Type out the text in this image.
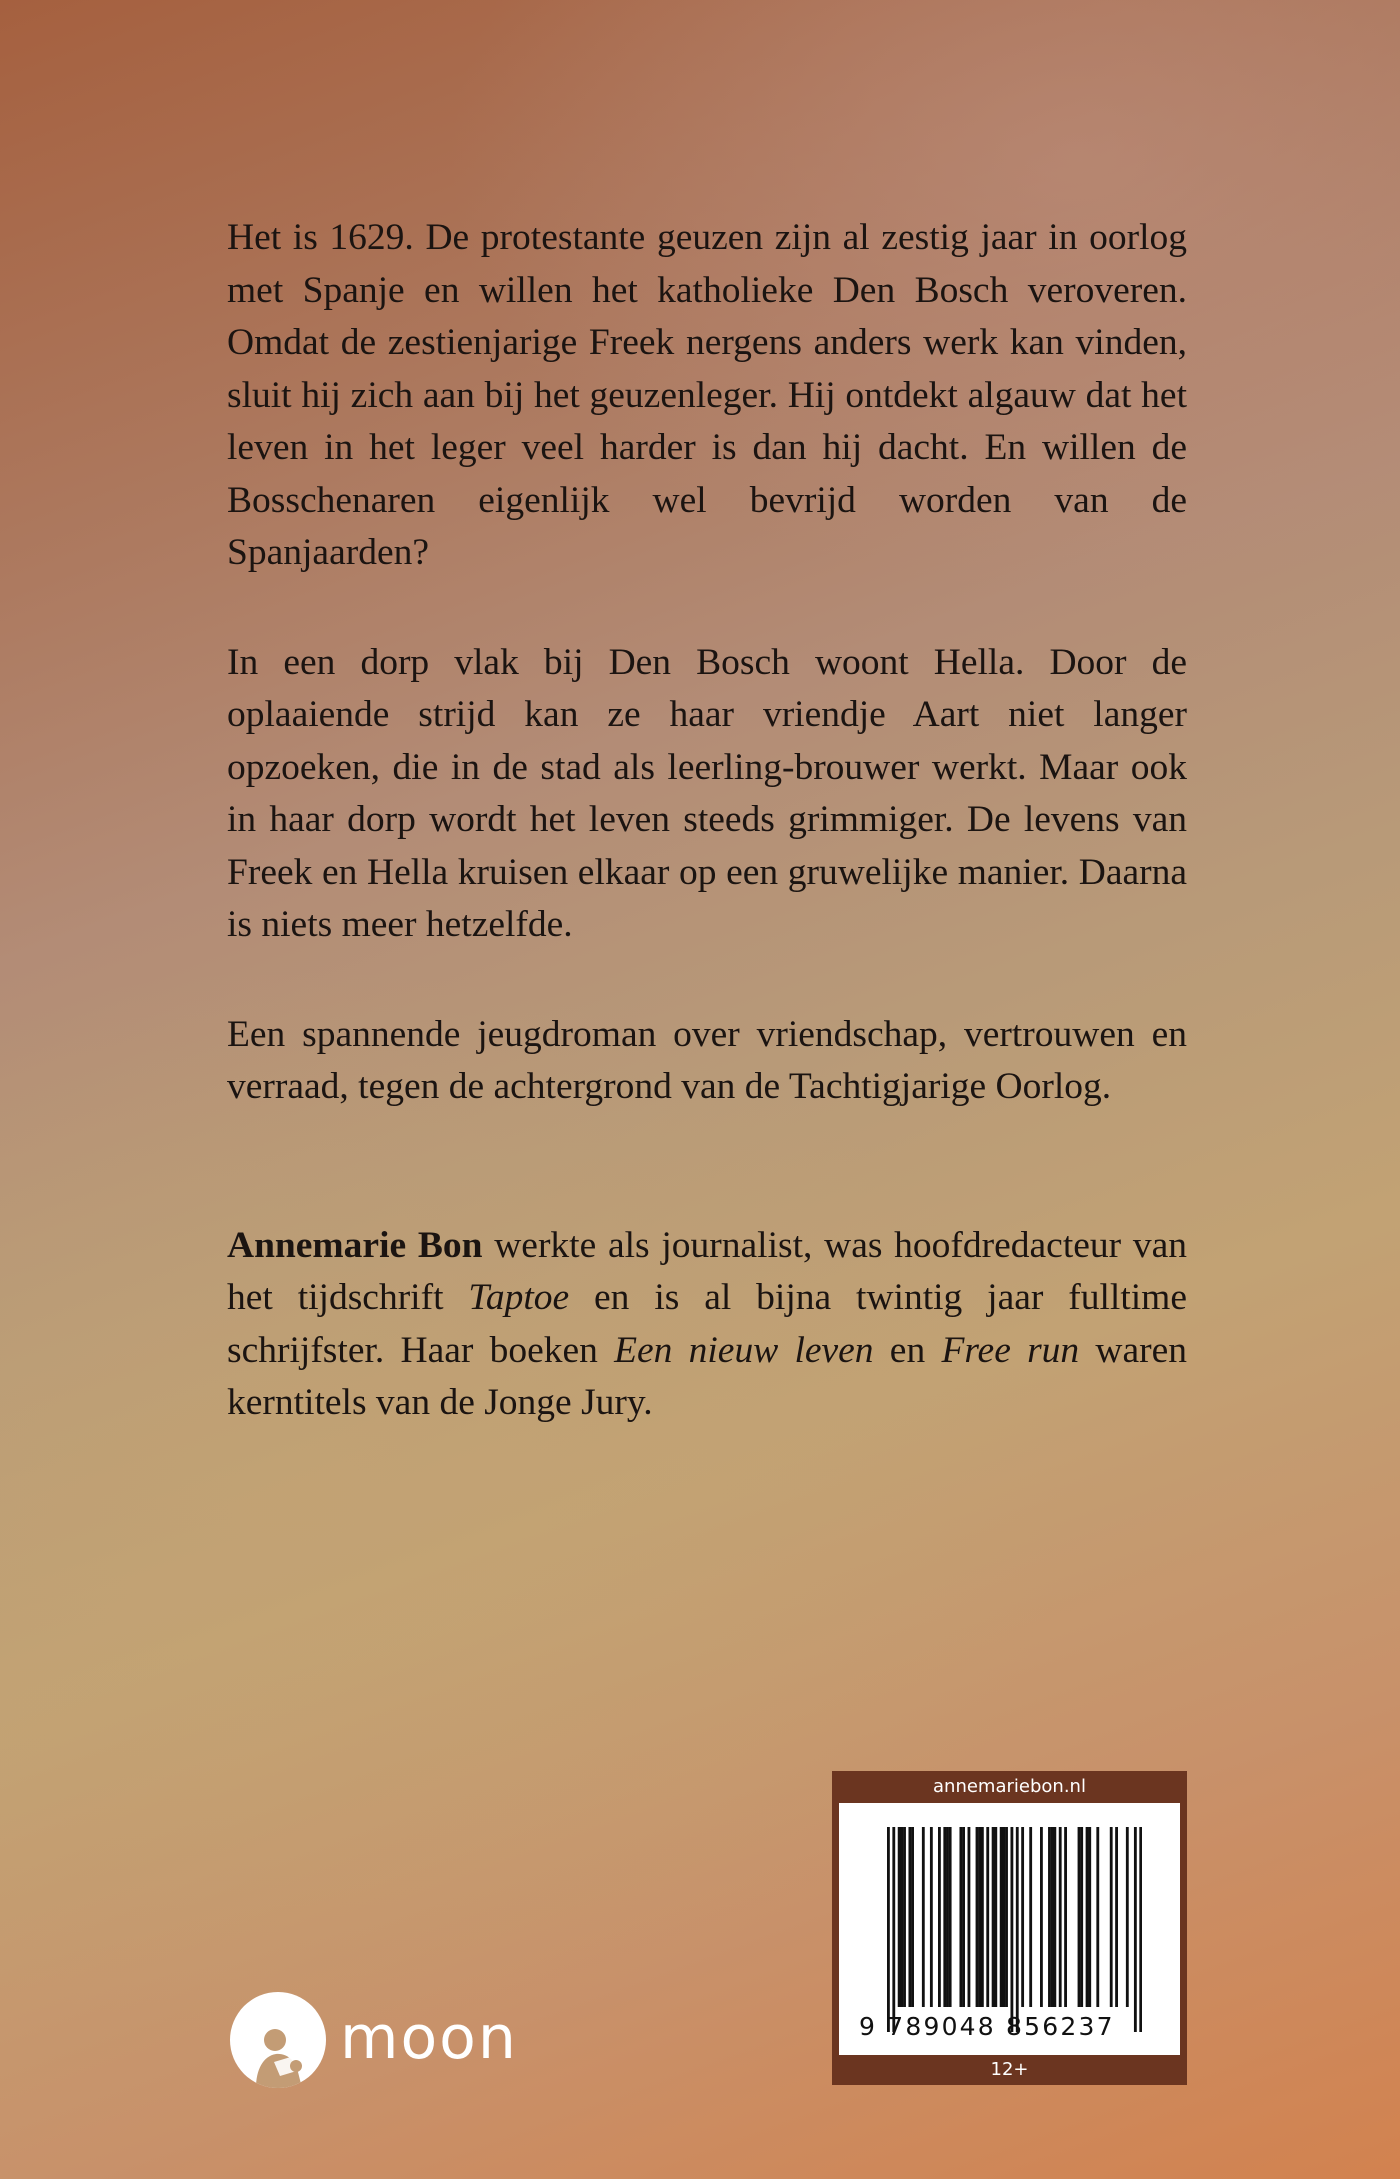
Het is 1629. De protestante geuzen zijn al zestig jaar in oorlog met Spanje en willen het katholieke Den Bosch veroveren. Omdat de zestienjarige Freek nergens anders werk kan vinden, sluit hij zich aan bij het geuzenleger. Hij ontdekt algauw dat het leven in het leger veel harder is dan hij dacht. En willen de Bosschenaren eigenlijk wel bevrijd worden van de Spanjaarden?

In een dorp vlak bij Den Bosch woont Hella. Door de oplaaiende strijd kan ze haar vriendje Aart niet langer opzoeken, die in de stad als leerling-brouwer werkt. Maar ook in haar dorp wordt het leven steeds grimmiger. De levens van Freek en Hella kruisen elkaar op een gruwelijke manier. Daarna is niets meer hetzelfde.

Een spannende jeugdroman over vriendschap, vertrouwen en verraad, tegen de achtergrond van de Tachtigjarige Oorlog.

Annemarie Bon werkte als journalist, was hoofdredacteur van het tijdschrift Taptoe en is al bijna twintig jaar fulltime schrijfster. Haar boeken Een nieuw leven en Free run waren kerntitels van de Jonge Jury.

moon
annemariebon.nl
9 789048 856237
12+
